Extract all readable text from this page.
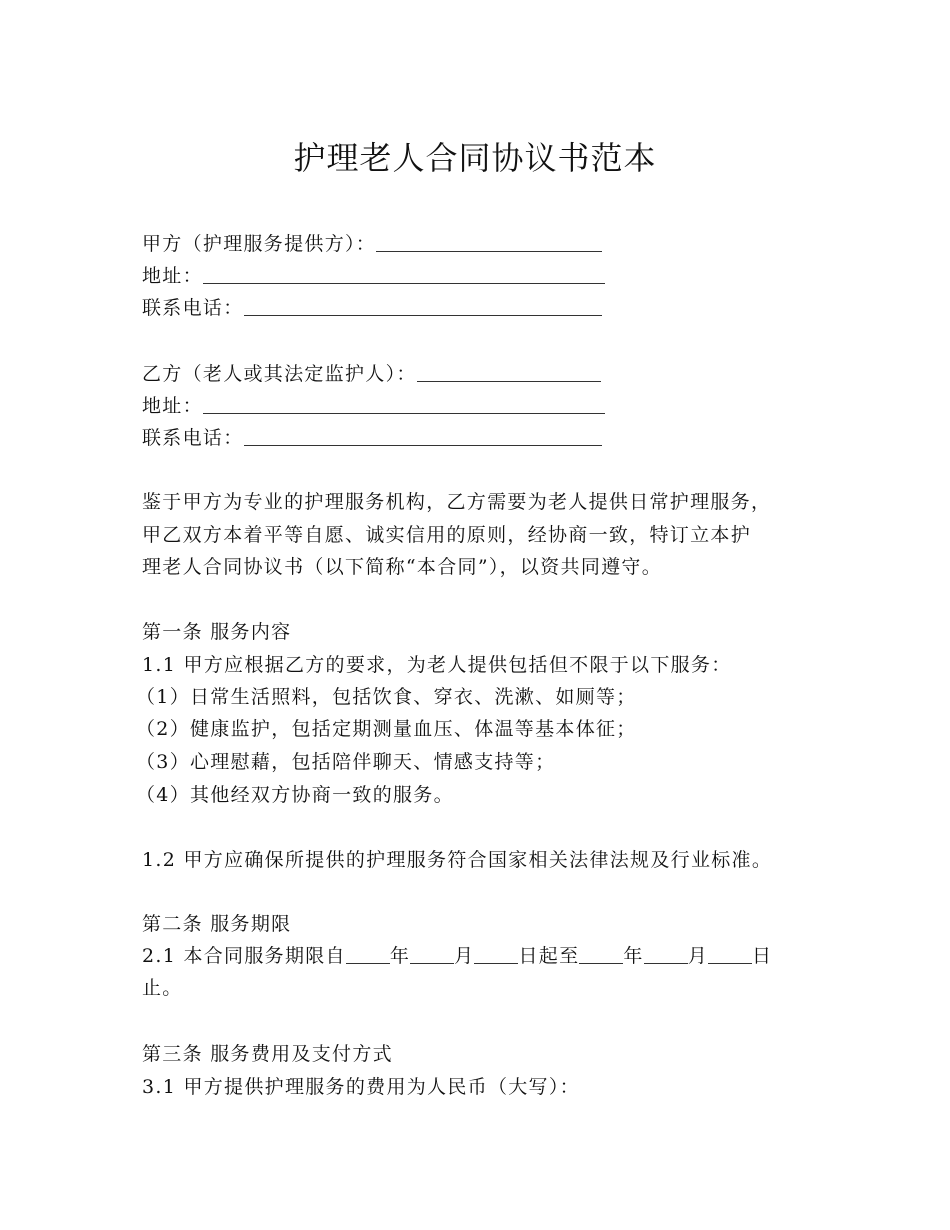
护理老人合同协议书范本
甲方（护理服务提供方）：
地址：
联系电话：
乙方（老人或其法定监护人）：
地址：
联系电话：
鉴于甲方为专业的护理服务机构，乙方需要为老人提供日常护理服务，
甲乙双方本着平等自愿、诚实信用的原则，经协商一致，特订立本护
理老人合同协议书（以下简称“本合同”），以资共同遵守。
第一条 服务内容
1.1 甲方应根据乙方的要求，为老人提供包括但不限于以下服务：
（1）日常生活照料，包括饮食、穿衣、洗漱、如厕等；
（2）健康监护，包括定期测量血压、体温等基本体征；
（3）心理慰藉，包括陪伴聊天、情感支持等；
（4）其他经双方协商一致的服务。
1.2 甲方应确保所提供的护理服务符合国家相关法律法规及行业标准。
第二条 服务期限
2.1 本合同服务期限自 年 月 日起至 年 月 日
止。
第三条 服务费用及支付方式
3.1 甲方提供护理服务的费用为人民币（大写）：
